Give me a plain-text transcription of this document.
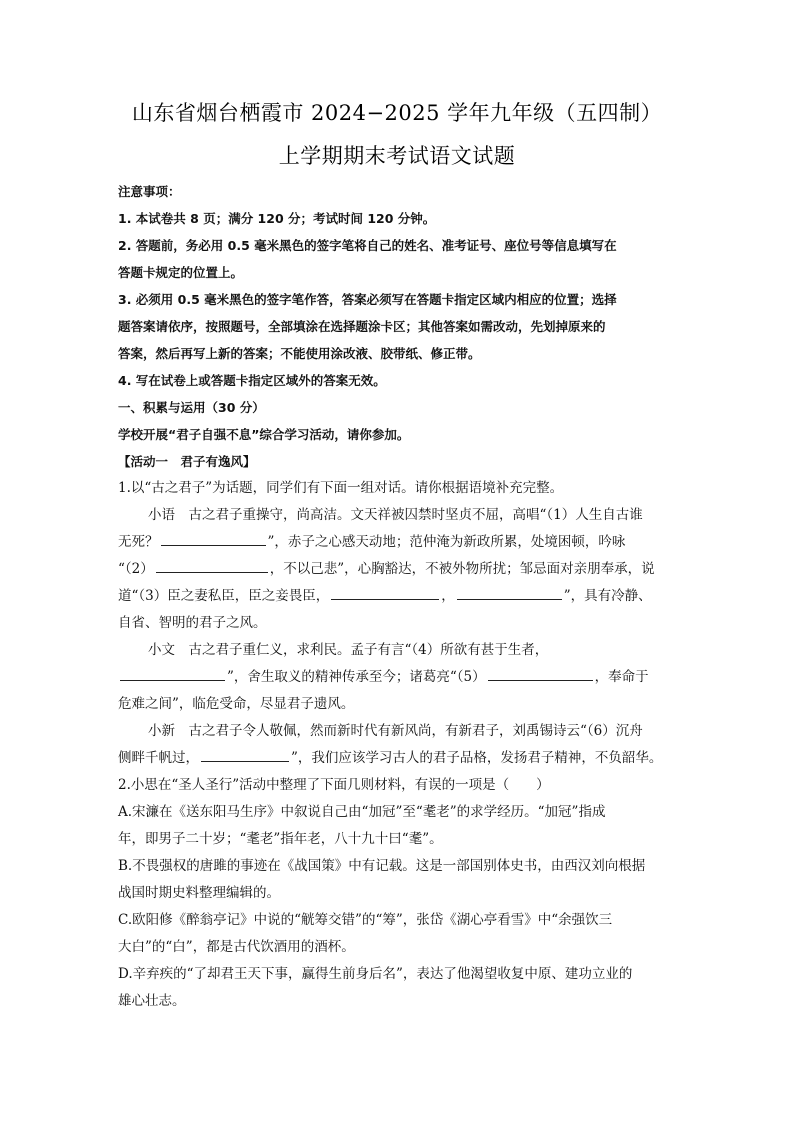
山东省烟台栖霞市 2024−2025 学年九年级（五四制）
上学期期末考试语文试题
注意事项：
1. 本试卷共 8 页；满分 120 分；考试时间 120 分钟。
2. 答题前，务必用 0.5 毫米黑色的签字笔将自己的姓名、准考证号、座位号等信息填写在
答题卡规定的位置上。
3. 必须用 0.5 毫米黑色的签字笔作答，答案必须写在答题卡指定区域内相应的位置；选择
题答案请依序，按照题号，全部填涂在选择题涂卡区；其他答案如需改动，先划掉原来的
答案，然后再写上新的答案；不能使用涂改液、胶带纸、修正带。
4. 写在试卷上或答题卡指定区域外的答案无效。
一、积累与运用（30 分）
学校开展“君子自强不息”综合学习活动，请你参加。
【活动一　君子有逸风】
1.以“古之君子”为话题，同学们有下面一组对话。请你根据语境补充完整。
小语　古之君子重操守，尚高洁。文天祥被囚禁时坚贞不屈，高唱“（1）人生自古谁
无死？	”，赤子之心感天动地；范仲淹为新政所累，处境困顿，吟咏
“（2）	，不以己悲”，心胸豁达，不被外物所扰；邹忌面对亲朋奉承，说
道“（3）臣之妻私臣，臣之妾畏臣，	，	”，具有冷静、
自省、智明的君子之风。
小文　古之君子重仁义，求利民。孟子有言“（4）所欲有甚于生者，
”，舍生取义的精神传承至今；诸葛亮“（5）	，奉命于
危难之间”，临危受命，尽显君子遗风。
小新　古之君子令人敬佩，然而新时代有新风尚，有新君子，刘禹锡诗云“（6）沉舟
侧畔千帆过，	”，我们应该学习古人的君子品格，发扬君子精神，不负韶华。
2.小思在“圣人圣行”活动中整理了下面几则材料，有误的一项是（　　）
A.宋濂在《送东阳马生序》中叙说自己由“加冠”至“耄老”的求学经历。“加冠”指成
年，即男子二十岁；“耄老”指年老，八十九十曰“耄”。
B.不畏强权的唐雎的事迹在《战国策》中有记载。这是一部国别体史书，由西汉刘向根据
战国时期史料整理编辑的。
C.欧阳修《醉翁亭记》中说的“觥筹交错”的“筹”，张岱《湖心亭看雪》中“余强饮三
大白”的“白”，都是古代饮酒用的酒杯。
D.辛弃疾的“了却君王天下事，赢得生前身后名”，表达了他渴望收复中原、建功立业的
雄心壮志。
